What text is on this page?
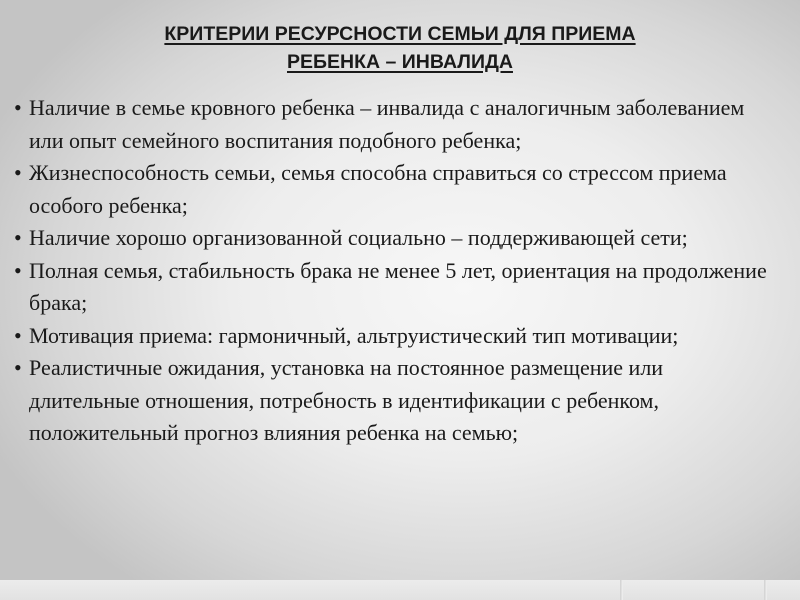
КРИТЕРИИ РЕСУРСНОСТИ СЕМЬИ ДЛЯ ПРИЕМА
РЕБЕНКА – ИНВАЛИДА
• Наличие в семье кровного ребенка – инвалида с аналогичным заболеванием или опыт семейного воспитания подобного ребенка;
• Жизнеспособность семьи, семья способна справиться со стрессом приема особого ребенка;
• Наличие хорошо организованной социально – поддерживающей сети;
• Полная семья, стабильность брака не менее 5 лет, ориентация на продолжение брака;
• Мотивация приема: гармоничный, альтруистический тип мотивации;
• Реалистичные ожидания, установка на постоянное размещение или длительные отношения, потребность в идентификации с ребенком, положительный прогноз влияния ребенка на семью;
